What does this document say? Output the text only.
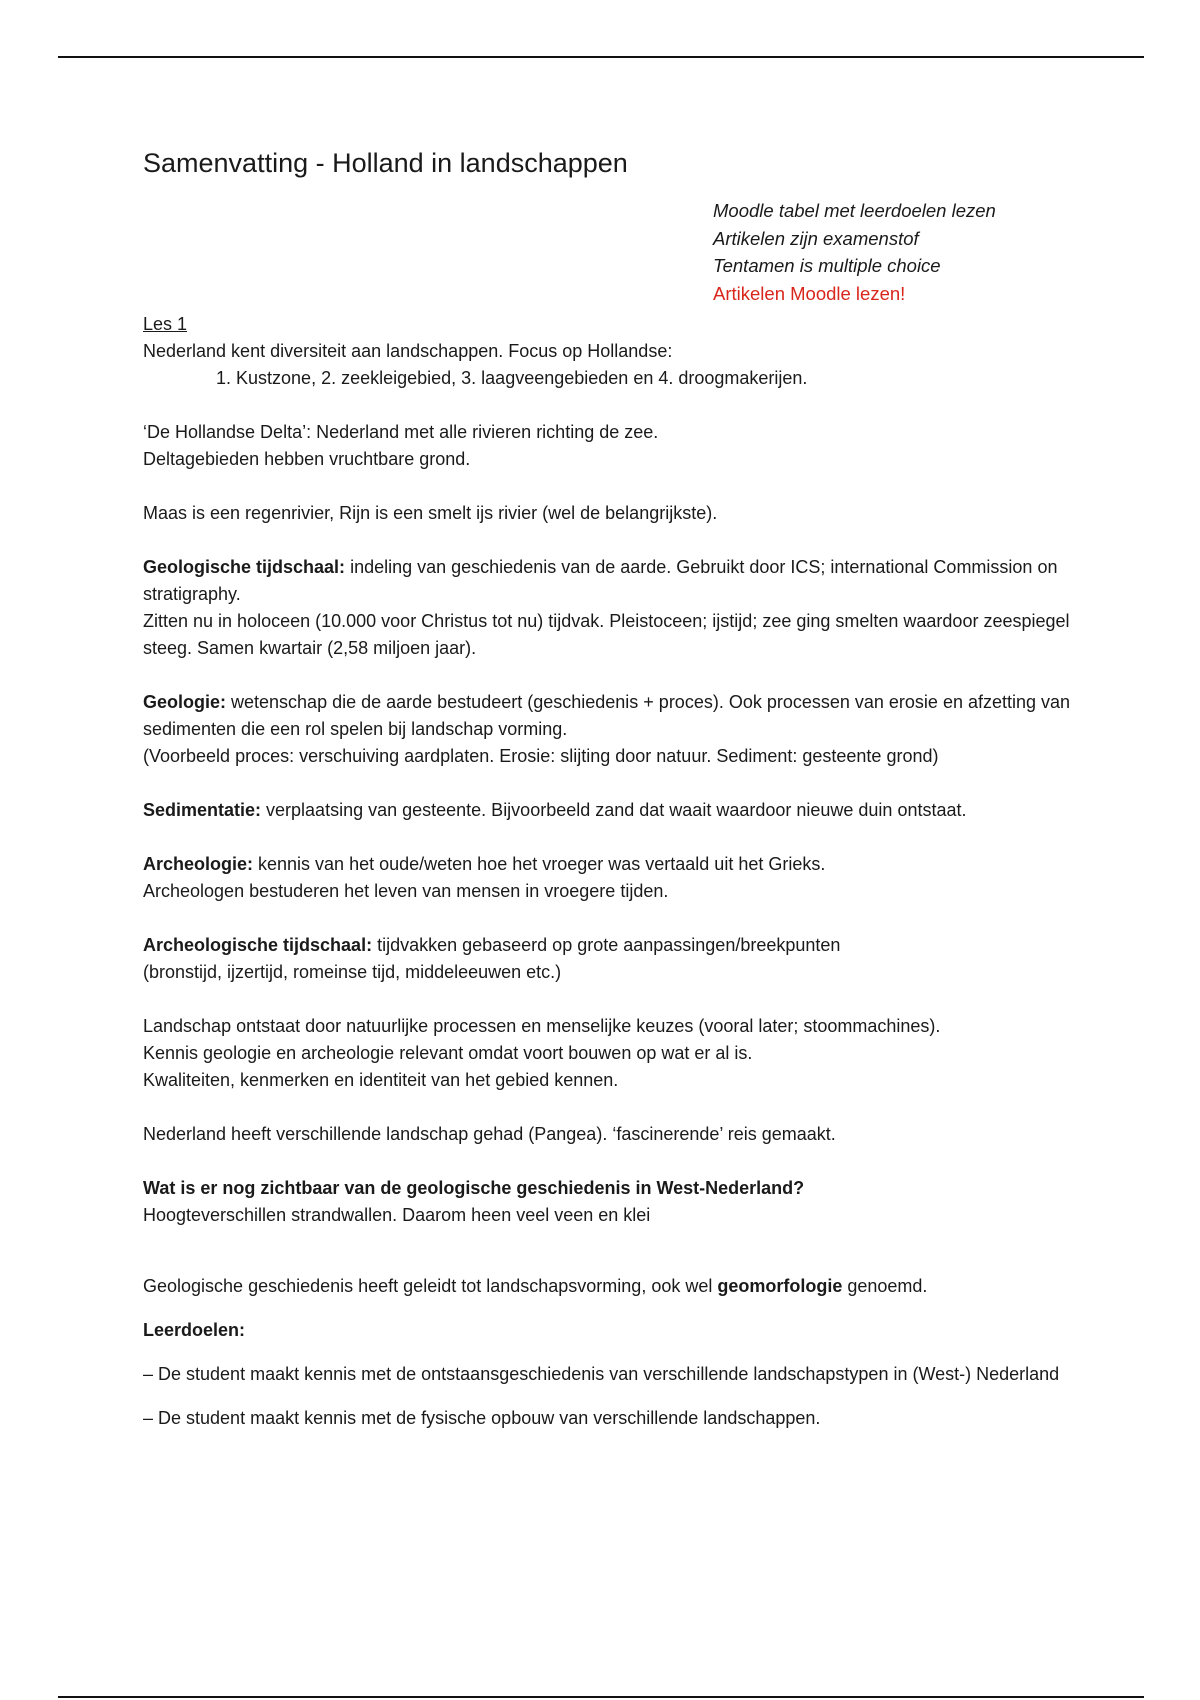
Samenvatting - Holland in landschappen

Moodle tabel met leerdoelen lezen

Artikelen zijn examenstof

Tentamen is multiple choice

Artikelen Moodle lezen!

Les 1

Nederland kent diversiteit aan landschappen. Focus op Hollandse:

1. Kustzone, 2. zeekleigebied, 3. laagveengebieden en 4. droogmakerijen.

‘De Hollandse Delta’: Nederland met alle rivieren richting de zee.

Deltagebieden hebben vruchtbare grond.

Maas is een regenrivier, Rijn is een smelt ijs rivier (wel de belangrijkste).

Geologische tijdschaal: indeling van geschiedenis van de aarde. Gebruikt door ICS; international Commission on stratigraphy.

Zitten nu in holoceen (10.000 voor Christus tot nu) tijdvak. Pleistoceen; ijstijd; zee ging smelten waardoor zeespiegel steeg. Samen kwartair (2,58 miljoen jaar).

Geologie: wetenschap die de aarde bestudeert (geschiedenis + proces). Ook processen van erosie en afzetting van sedimenten die een rol spelen bij landschap vorming.

(Voorbeeld proces: verschuiving aardplaten. Erosie: slijting door natuur. Sediment: gesteente grond)

Sedimentatie: verplaatsing van gesteente. Bijvoorbeeld zand dat waait waardoor nieuwe duin ontstaat.

Archeologie: kennis van het oude/weten hoe het vroeger was vertaald uit het Grieks.

Archeologen bestuderen het leven van mensen in vroegere tijden.

Archeologische tijdschaal: tijdvakken gebaseerd op grote aanpassingen/breekpunten

(bronstijd, ijzertijd, romeinse tijd, middeleeuwen etc.)

Landschap ontstaat door natuurlijke processen en menselijke keuzes (vooral later; stoommachines).

Kennis geologie en archeologie relevant omdat voort bouwen op wat er al is.

Kwaliteiten, kenmerken en identiteit van het gebied kennen.

Nederland heeft verschillende landschap gehad (Pangea). ‘fascinerende’ reis gemaakt.

Wat is er nog zichtbaar van de geologische geschiedenis in West-Nederland?

Hoogteverschillen strandwallen. Daarom heen veel veen en klei

Geologische geschiedenis heeft geleidt tot landschapsvorming, ook wel geomorfologie genoemd.

Leerdoelen:

– De student maakt kennis met de ontstaansgeschiedenis van verschillende landschapstypen in (West-) Nederland

– De student maakt kennis met de fysische opbouw van verschillende landschappen.
